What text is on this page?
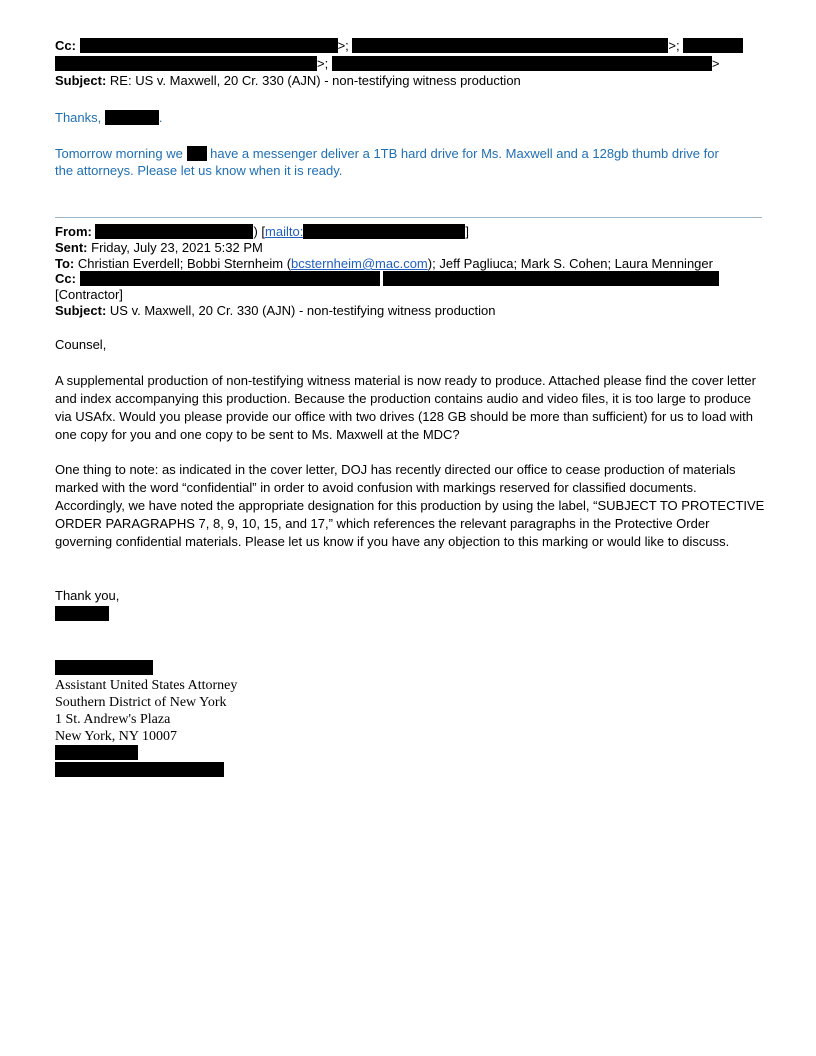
Cc:	>;	>;
>;	>
Subject: RE: US v. Maxwell, 20 Cr. 330 (AJN) - non-testifying witness production
Thanks,	.
Tomorrow morning we have a messenger deliver a 1TB hard drive for Ms. Maxwell and a 128gb thumb drive for
the attorneys. Please let us know when it is ready.
From:	) [mailto:	]
Sent: Friday, July 23, 2021 5:32 PM
To: Christian Everdell; Bobbi Sternheim (bcsternheim@mac.com); Jeff Pagliuca; Mark S. Cohen; Laura Menninger
Cc:
[Contractor]
Subject: US v. Maxwell, 20 Cr. 330 (AJN) - non-testifying witness production
Counsel,
A supplemental production of non-testifying witness material is now ready to produce. Attached please find the cover letter and index accompanying this production. Because the production contains audio and video files, it is too large to produce via USAfx. Would you please provide our office with two drives (128 GB should be more than sufficient) for us to load with one copy for you and one copy to be sent to Ms. Maxwell at the MDC?
One thing to note: as indicated in the cover letter, DOJ has recently directed our office to cease production of materials marked with the word “confidential” in order to avoid confusion with markings reserved for classified documents. Accordingly, we have noted the appropriate designation for this production by using the label, “SUBJECT TO PROTECTIVE ORDER PARAGRAPHS 7, 8, 9, 10, 15, and 17,” which references the relevant paragraphs in the Protective Order governing confidential materials. Please let us know if you have any objection to this marking or would like to discuss.
Thank you,
Assistant United States Attorney
Southern District of New York
1 St. Andrew's Plaza
New York, NY 10007
